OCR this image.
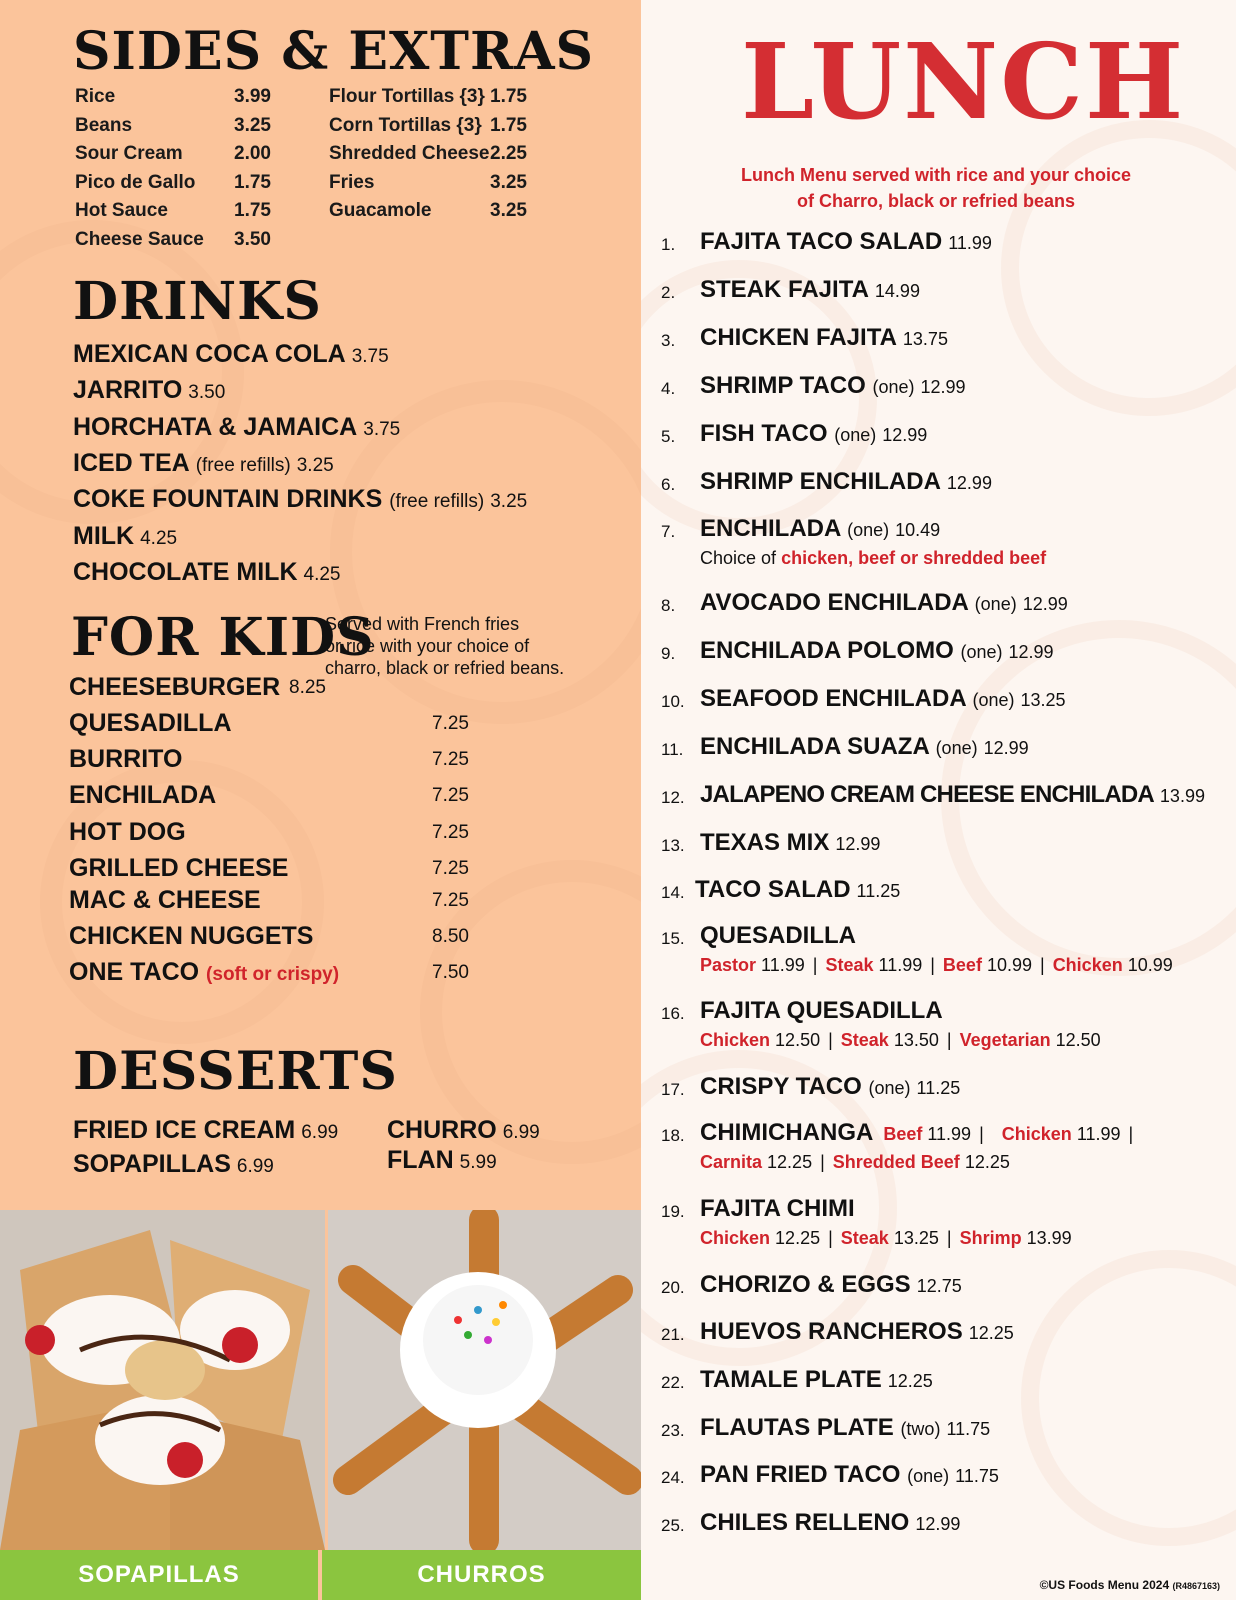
SIDES & EXTRAS
Rice	3.99
Beans	3.25
Sour Cream	2.00
Pico de Gallo	1.75
Hot Sauce	1.75
Cheese Sauce	3.50
Flour Tortillas {3} 1.75
Corn Tortillas {3} 1.75
Shredded Cheese 2.25
Fries	3.25
Guacamole	3.25
DRINKS
MEXICAN COCA COLA 3.75
JARRITO 3.50
HORCHATA & JAMAICA 3.75
ICED TEA (free refills) 3.25
COKE FOUNTAIN DRINKS (free refills) 3.25
MILK 4.25
CHOCOLATE MILK 4.25
FOR KIDS
Served with French fries
or rice with your choice of
charro, black or refried beans.
CHEESEBURGER 8.25
QUESADILLA	7.25
BURRITO	7.25
ENCHILADA	7.25
HOT DOG	7.25
GRILLED CHEESE	7.25
MAC & CHEESE	7.25
CHICKEN NUGGETS	8.50
ONE TACO (soft or crispy)	7.50
DESSERTS
FRIED ICE CREAM 6.99
SOPAPILLAS 6.99
CHURRO 6.99
FLAN 5.99
SOPAPILLAS	CHURROS
LUNCH
Lunch Menu served with rice and your choice
of Charro, black or refried beans
1. FAJITA TACO SALAD 11.99
2. STEAK FAJITA 14.99
3. CHICKEN FAJITA 13.75
4. SHRIMP TACO (one) 12.99
5. FISH TACO (one) 12.99
6. SHRIMP ENCHILADA 12.99
7. ENCHILADA (one) 10.49
Choice of chicken, beef or shredded beef
8. AVOCADO ENCHILADA (one) 12.99
9. ENCHILADA POLOMO (one) 12.99
10. SEAFOOD ENCHILADA (one) 13.25
11. ENCHILADA SUAZA (one) 12.99
12. JALAPENO CREAM CHEESE ENCHILADA 13.99
13. TEXAS MIX 12.99
14. TACO SALAD 11.25
15. QUESADILLA
Pastor 11.99 | Steak 11.99 | Beef 10.99 | Chicken 10.99
16. FAJITA QUESADILLA
Chicken 12.50 | Steak 13.50 | Vegetarian 12.50
17. CRISPY TACO (one) 11.25
18. CHIMICHANGA Beef 11.99 | Chicken 11.99 |
Carnita 12.25 | Shredded Beef 12.25
19. FAJITA CHIMI
Chicken 12.25 | Steak 13.25 | Shrimp 13.99
20. CHORIZO & EGGS 12.75
21. HUEVOS RANCHEROS 12.25
22. TAMALE PLATE 12.25
23. FLAUTAS PLATE (two) 11.75
24. PAN FRIED TACO (one) 11.75
25. CHILES RELLENO 12.99
©US Foods Menu 2024 (R4867163)
